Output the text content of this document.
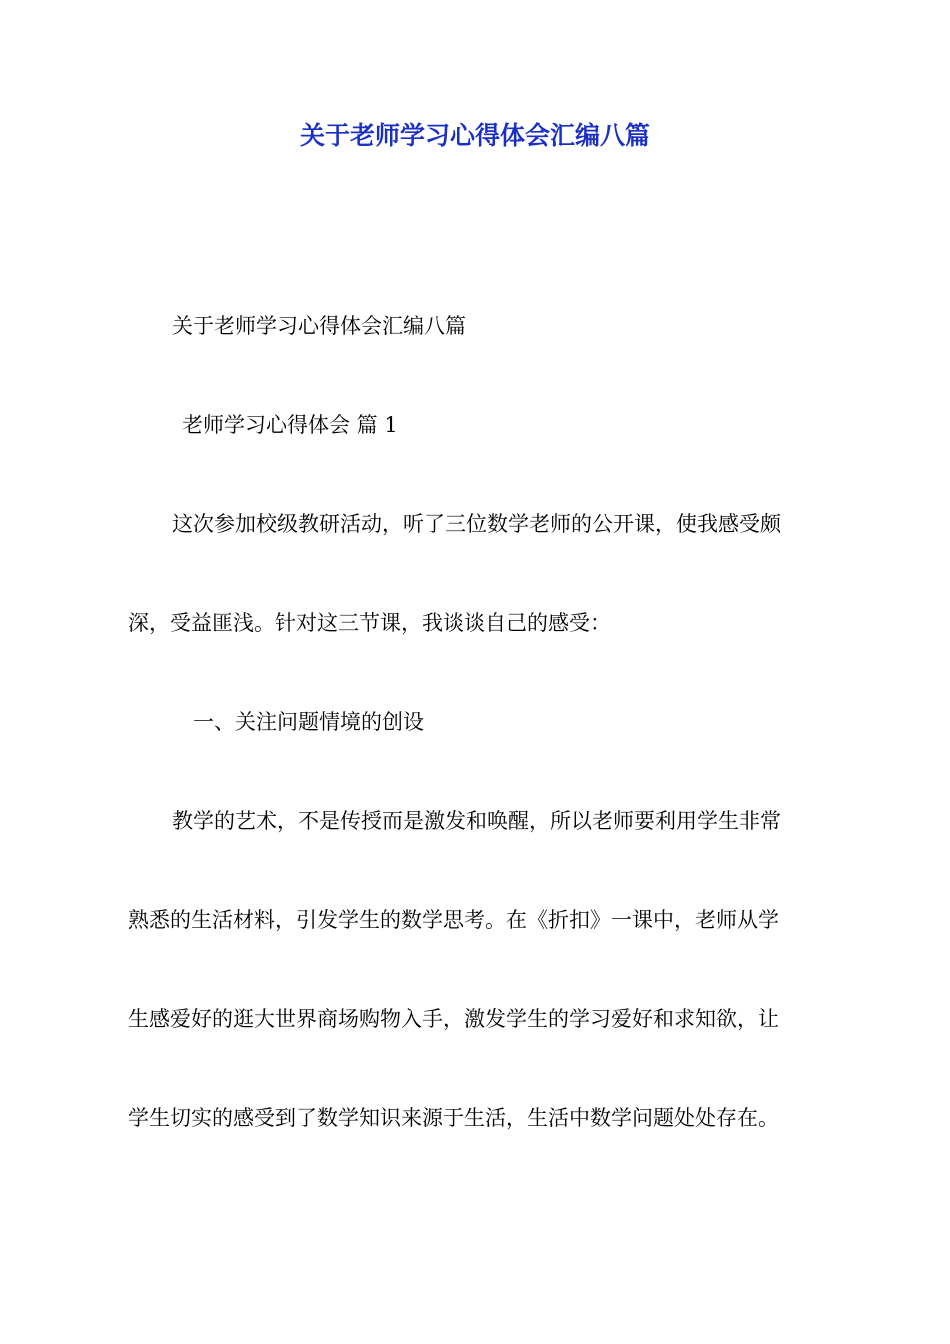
关于老师学习心得体会汇编八篇

关于老师学习心得体会汇编八篇

老师学习心得体会 篇 1

这次参加校级教研活动，听了三位数学老师的公开课，使我感受颇

深，受益匪浅。针对这三节课，我谈谈自己的感受：

一、关注问题情境的创设

教学的艺术，不是传授而是激发和唤醒，所以老师要利用学生非常

熟悉的生活材料，引发学生的数学思考。在《折扣》一课中，老师从学

生感爱好的逛大世界商场购物入手，激发学生的学习爱好和求知欲，让

学生切实的感受到了数学知识来源于生活，生活中数学问题处处存在。
